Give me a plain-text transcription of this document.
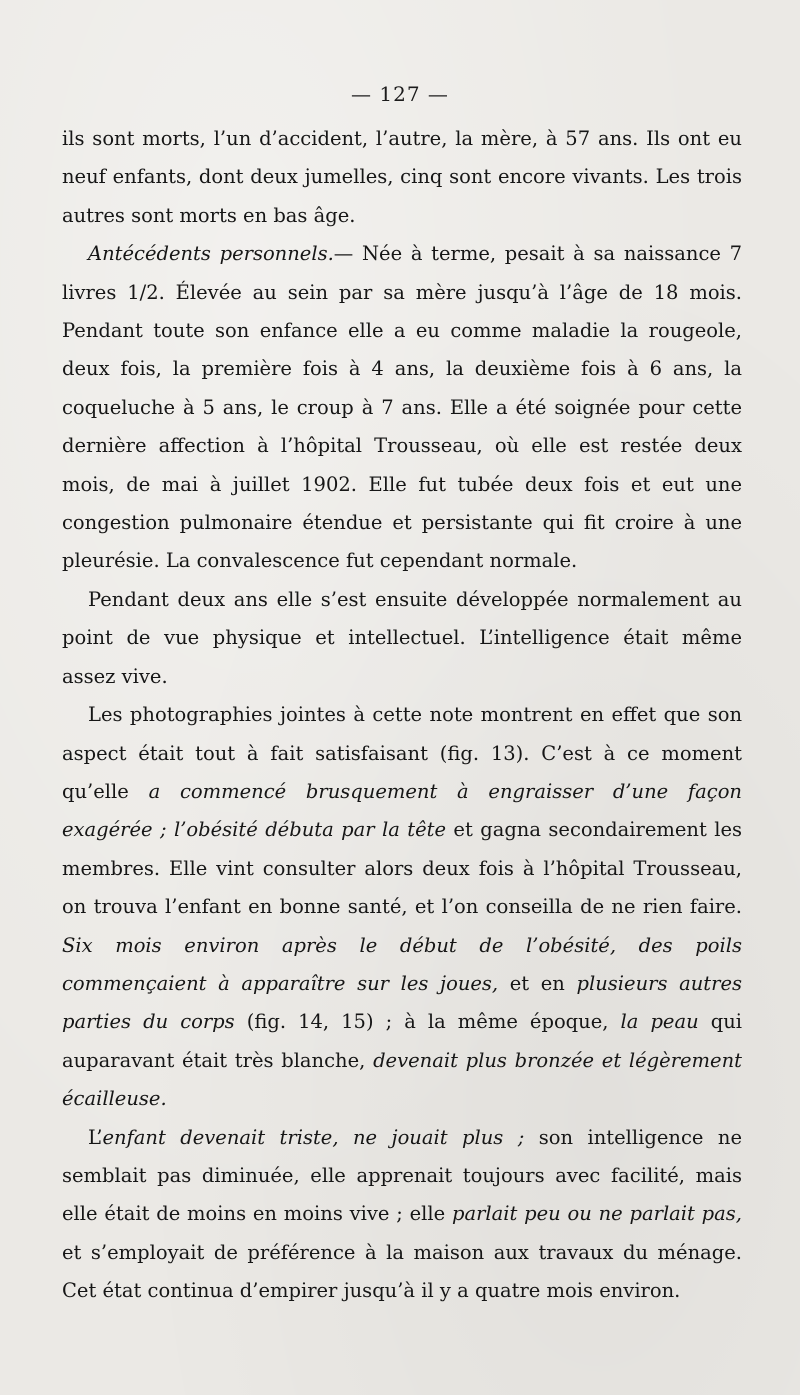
— 127 —

ils sont morts, l’un d’accident, l’autre, la mère, à 57 ans. Ils ont eu neuf enfants, dont deux jumelles, cinq sont encore vivants. Les trois autres sont morts en bas âge.

Antécédents personnels.— Née à terme, pesait à sa naissance 7 livres 1/2. Élevée au sein par sa mère jusqu’à l’âge de 18 mois. Pendant toute son enfance elle a eu comme maladie la rougeole, deux fois, la première fois à 4 ans, la deuxième fois à 6 ans, la coqueluche à 5 ans, le croup à 7 ans. Elle a été soignée pour cette dernière affection à l’hôpital Trousseau, où elle est restée deux mois, de mai à juillet 1902. Elle fut tubée deux fois et eut une congestion pulmonaire étendue et persistante qui fit croire à une pleurésie. La convalescence fut cependant normale.

Pendant deux ans elle s’est ensuite développée normalement au point de vue physique et intellectuel. L’intelligence était même assez vive.

Les photographies jointes à cette note montrent en effet que son aspect était tout à fait satisfaisant (fig. 13). C’est à ce moment qu’elle a commencé brusquement à engraisser d’une façon exagérée ; l’obésité débuta par la tête et gagna secondairement les membres. Elle vint consulter alors deux fois à l’hôpital Trousseau, on trouva l’enfant en bonne santé, et l’on conseilla de ne rien faire. Six mois environ après le début de l’obésité, des poils commençaient à apparaître sur les joues, et en plusieurs autres parties du corps (fig. 14, 15) ; à la même époque, la peau qui auparavant était très blanche, devenait plus bronzée et légèrement écailleuse.

L’enfant devenait triste, ne jouait plus ; son intelligence ne semblait pas diminuée, elle apprenait toujours avec facilité, mais elle était de moins en moins vive ; elle parlait peu ou ne parlait pas, et s’employait de préférence à la maison aux travaux du ménage. Cet état continua d’empirer jusqu’à il y a quatre mois environ.
